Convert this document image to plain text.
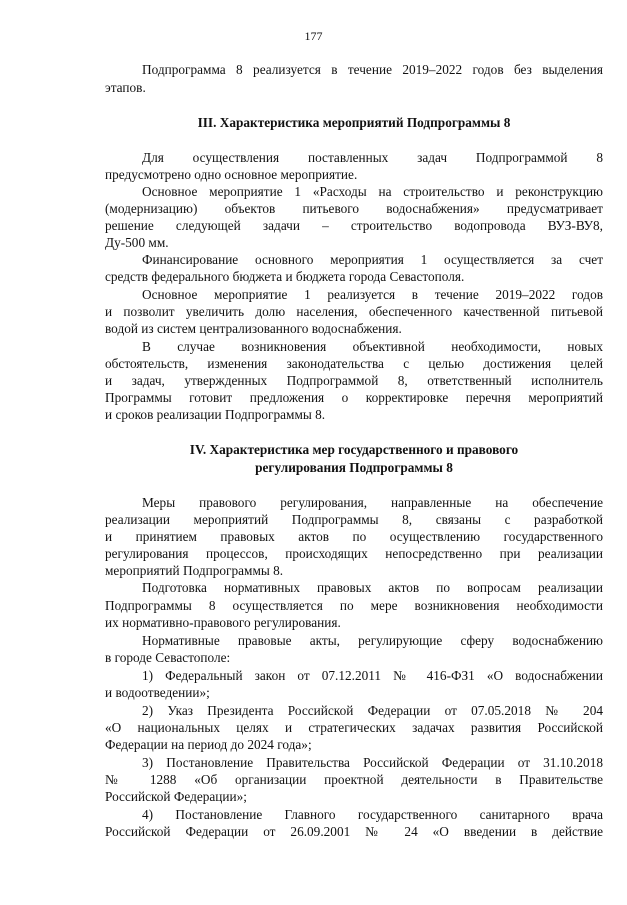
177

Подпрограмма 8 реализуется в течение 2019–2022 годов без выделения

этапов.

III. Характеристика мероприятий Подпрограммы 8

Для осуществления поставленных задач Подпрограммой 8

предусмотрено одно основное мероприятие.

Основное мероприятие 1 «Расходы на строительство и реконструкцию

(модернизацию) объектов питьевого водоснабжения» предусматривает

решение следующей задачи – строительство водопровода ВУЗ-ВУ8,

Ду-500 мм.

Финансирование основного мероприятия 1 осуществляется за счет

средств федерального бюджета и бюджета города Севастополя.

Основное мероприятие 1 реализуется в течение 2019–2022 годов

и позволит увеличить долю населения, обеспеченного качественной питьевой

водой из систем централизованного водоснабжения.

В случае возникновения объективной необходимости, новых

обстоятельств, изменения законодательства с целью достижения целей

и задач, утвержденных Подпрограммой 8, ответственный исполнитель

Программы готовит предложения о корректировке перечня мероприятий

и сроков реализации Подпрограммы 8.

IV. Характеристика мер государственного и правового

регулирования Подпрограммы 8

Меры правового регулирования, направленные на обеспечение

реализации мероприятий Подпрограммы 8, связаны с разработкой

и принятием правовых актов по осуществлению государственного

регулирования процессов, происходящих непосредственно при реализации

мероприятий Подпрограммы 8.

Подготовка нормативных правовых актов по вопросам реализации

Подпрограммы 8 осуществляется по мере возникновения необходимости

их нормативно-правового регулирования.

Нормативные правовые акты, регулирующие сферу водоснабжению

в городе Севастополе:

1) Федеральный закон от 07.12.2011 № 416-ФЗ1 «О водоснабжении

и водоотведении»;

2) Указ Президента Российской Федерации от 07.05.2018 № 204

«О национальных целях и стратегических задачах развития Российской

Федерации на период до 2024 года»;

3) Постановление Правительства Российской Федерации от 31.10.2018

№ 1288 «Об организации проектной деятельности в Правительстве

Российской Федерации»;

4) Постановление Главного государственного санитарного врача

Российской Федерации от 26.09.2001 № 24 «О введении в действие
